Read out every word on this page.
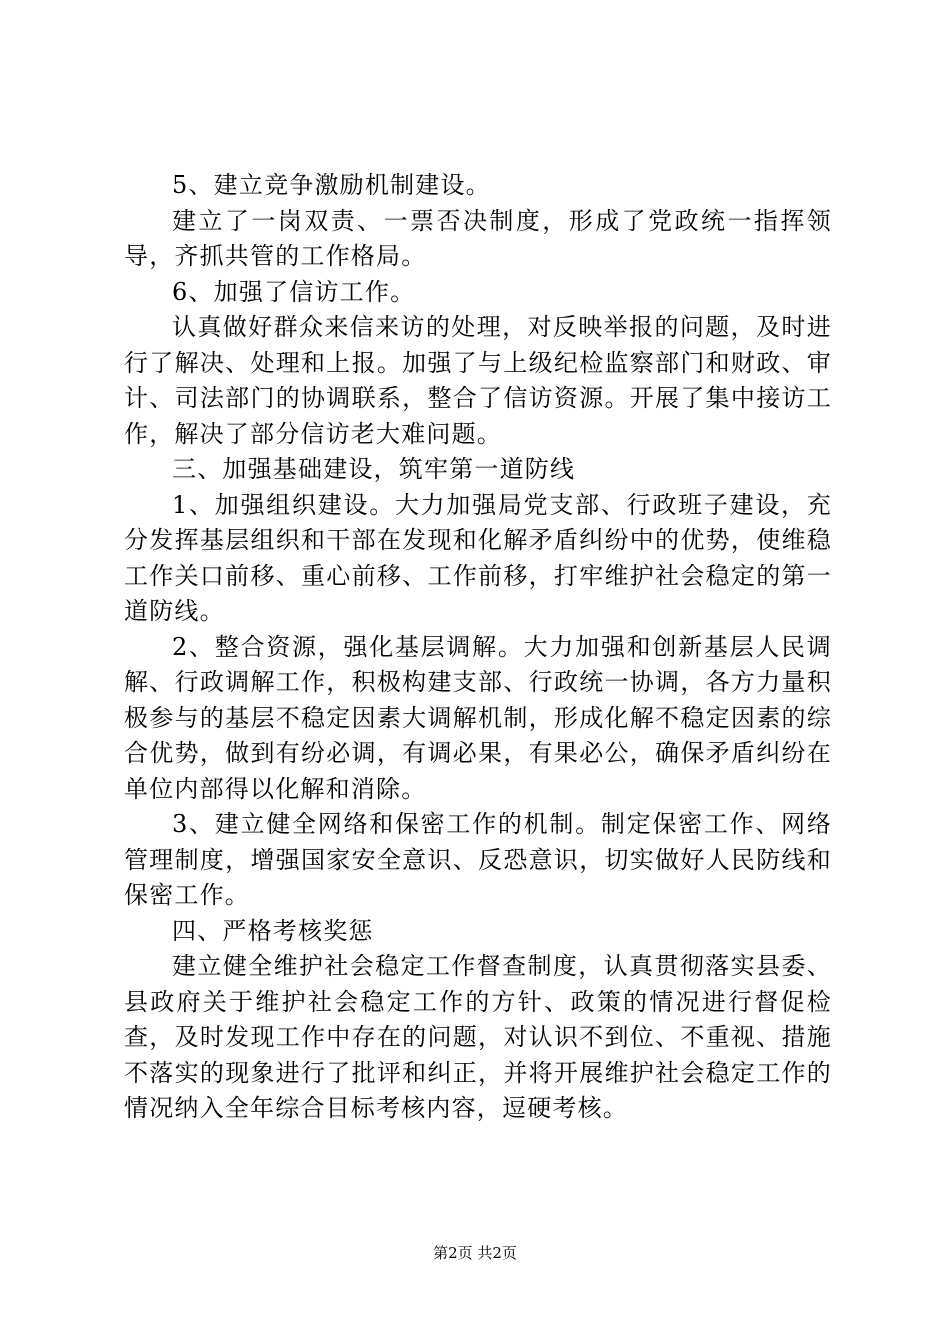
5、建立竞争激励机制建设。

建立了一岗双责、一票否决制度，形成了党政统一指挥领导，齐抓共管的工作格局。

6、加强了信访工作。

认真做好群众来信来访的处理，对反映举报的问题，及时进行了解决、处理和上报。加强了与上级纪检监察部门和财政、审计、司法部门的协调联系，整合了信访资源。开展了集中接访工作，解决了部分信访老大难问题。

三、加强基础建设，筑牢第一道防线

1、加强组织建设。大力加强局党支部、行政班子建设，充分发挥基层组织和干部在发现和化解矛盾纠纷中的优势，使维稳工作关口前移、重心前移、工作前移，打牢维护社会稳定的第一道防线。

2、整合资源，强化基层调解。大力加强和创新基层人民调解、行政调解工作，积极构建支部、行政统一协调，各方力量积极参与的基层不稳定因素大调解机制，形成化解不稳定因素的综合优势，做到有纷必调，有调必果，有果必公，确保矛盾纠纷在单位内部得以化解和消除。

3、建立健全网络和保密工作的机制。制定保密工作、网络管理制度，增强国家安全意识、反恐意识，切实做好人民防线和保密工作。

四、严格考核奖惩

建立健全维护社会稳定工作督查制度，认真贯彻落实县委、县政府关于维护社会稳定工作的方针、政策的情况进行督促检查，及时发现工作中存在的问题，对认识不到位、不重视、措施不落实的现象进行了批评和纠正，并将开展维护社会稳定工作的情况纳入全年综合目标考核内容，逗硬考核。

第2页 共2页
